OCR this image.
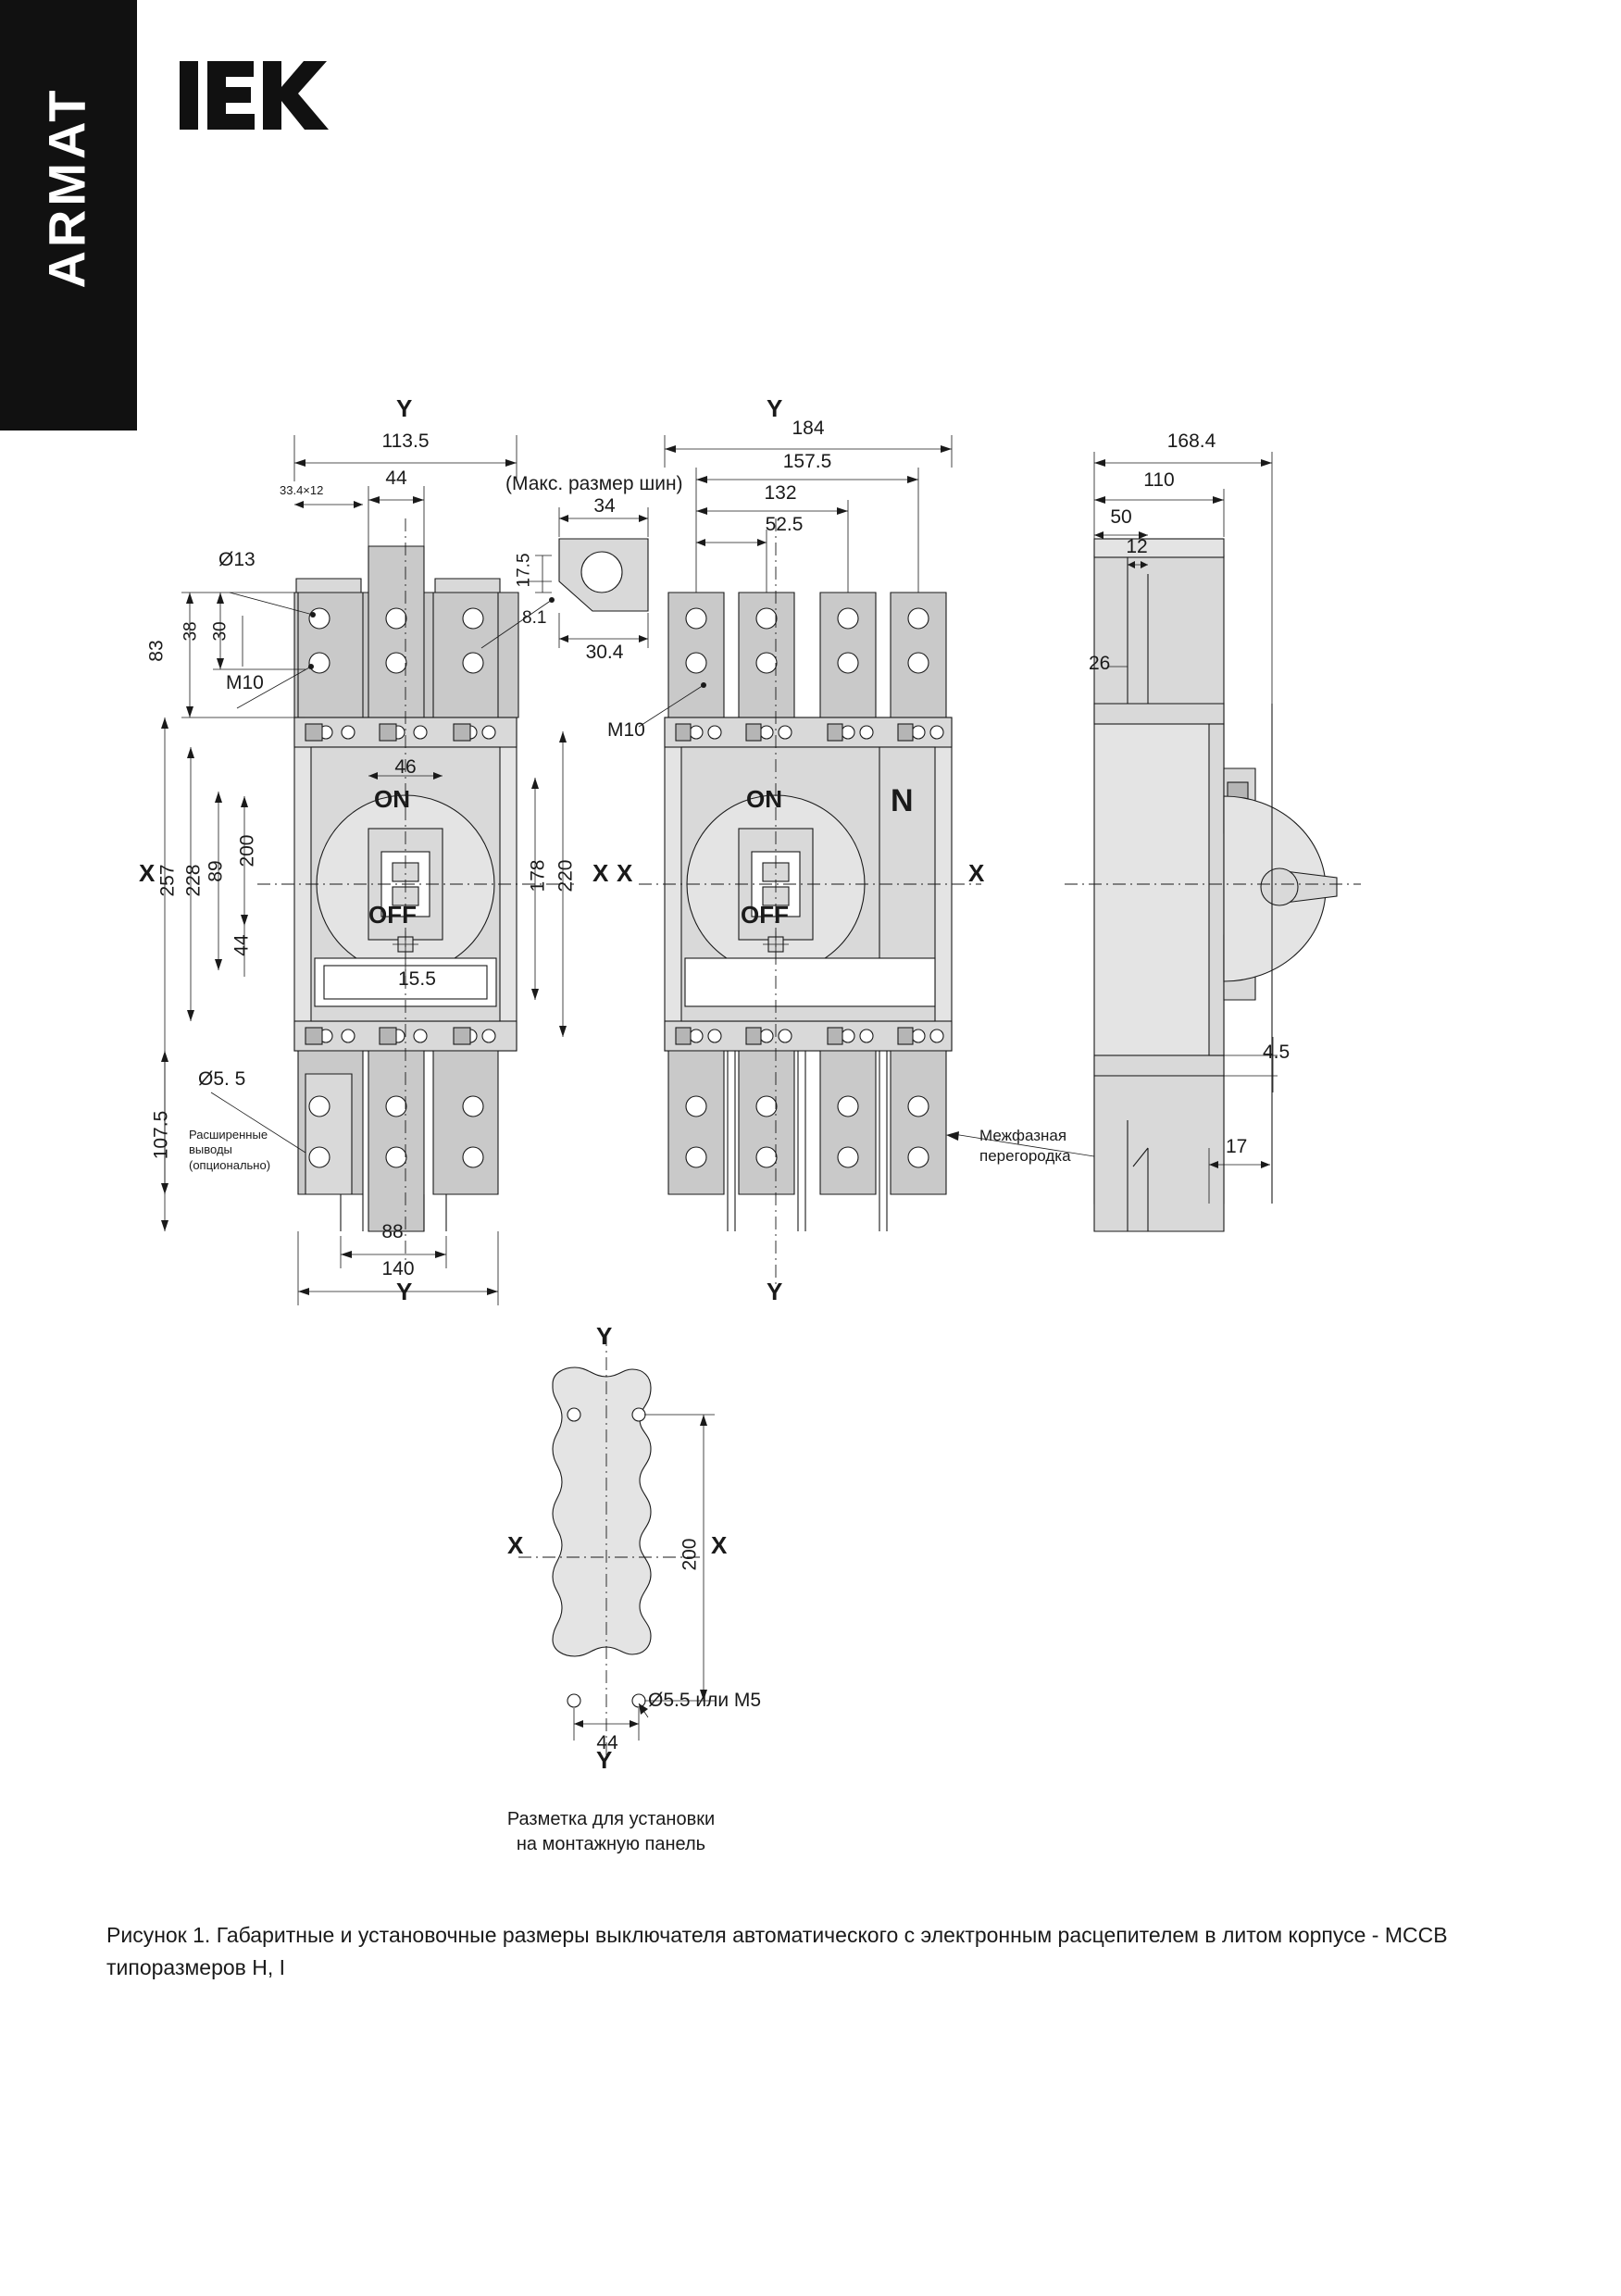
ARMAT
113.5
44
33.4×12
Ø13
83
38 30
M10
46
ON
OFF
89
200
228
257
44
178 220
15.5
Ø5. 5
107.5
88
140
X	X
Y
Y
Расширенные
выводы
(опционально)
(Макс. размер шин)
34
17.5
8.1
30.4
184
157.5
132
52.5
M10
ON
OFF
N
X	X
Y
Y
Межфазная
перегородка
168.4
110
50
12
26
4.5
17
Y
Y
X	X
200
44
Ø5.5 или M5
Разметка для установки
на монтажную панель
Рисунок 1. Габаритные и установочные размеры выключателя автоматического с электронным расцепителем в литом корпусе - MCCB типоразмеров H, I
